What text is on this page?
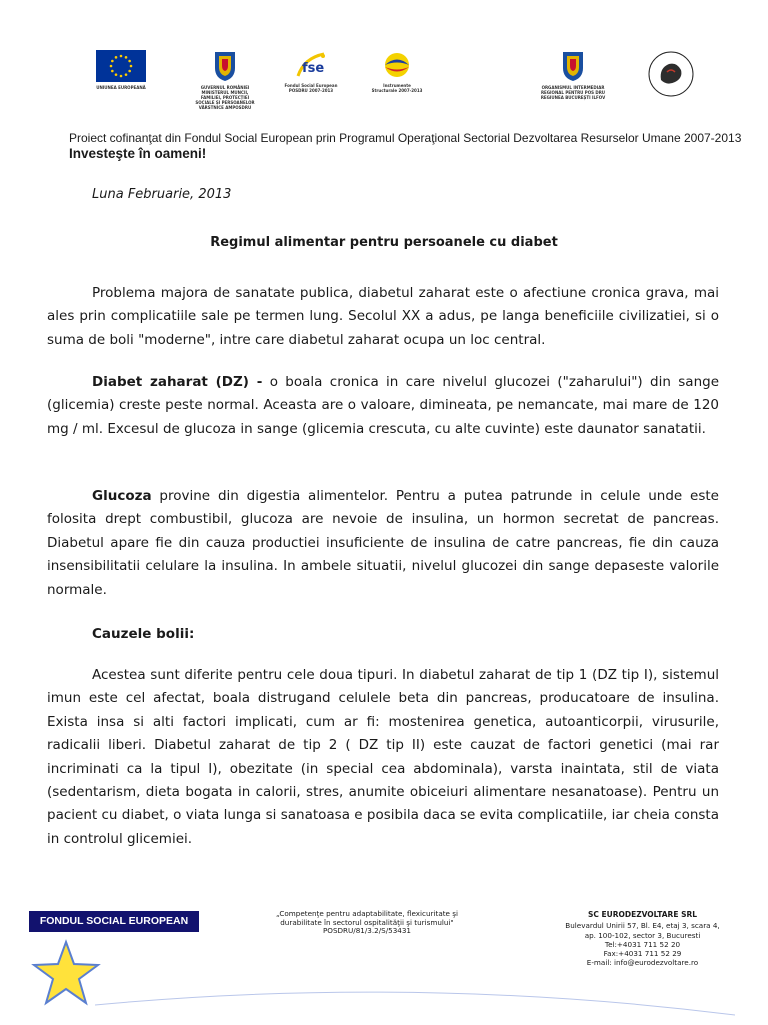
UNIUNEA EUROPEANĂ	GUVERNUL ROMÂNIEI MINISTERUL MUNCII, FAMILIEI, PROTECȚIEI SOCIALE ȘI PERSOANELOR VÂRSTNICE AMPOSDRU
fse
Fondul Social European POSDRU 2007-2013
Instrumente Structurale 2007-2013
ORGANISMUL INTERMEDIAR REGIONAL PENTRU POS DRU REGIUNEA BUCUREȘTI ILFOV
Proiect cofinanţat din Fondul Social European prin Programul Operaţional Sectorial Dezvoltarea Resurselor Umane 2007-2013
Investeşte în oameni!
Luna Februarie, 2013
Regimul alimentar pentru persoanele cu diabet

Problema majora de sanatate publica, diabetul zaharat este o afectiune cronica grava, mai ales prin complicatiile sale pe termen lung. Secolul XX a adus, pe langa beneficiile civilizatiei, si o suma de boli "moderne", intre care diabetul zaharat ocupa un loc central.

Diabet zaharat (DZ) - o boala cronica in care nivelul glucozei ("zaharului") din sange (glicemia) creste peste normal. Aceasta are o valoare, dimineata, pe nemancate, mai mare de 120 mg / ml. Excesul de glucoza in sange (glicemia crescuta, cu alte cuvinte) este daunator sanatatii.

Glucoza provine din digestia alimentelor. Pentru a putea patrunde in celule unde este folosita drept combustibil, glucoza are nevoie de insulina, un hormon secretat de pancreas. Diabetul apare fie din cauza productiei insuficiente de insulina de catre pancreas, fie din cauza insensibilitatii celulare la insulina. In ambele situatii, nivelul glucozei din sange depaseste valorile normale.

Cauzele bolii:

Acestea sunt diferite pentru cele doua tipuri. In diabetul zaharat de tip 1 (DZ tip I), sistemul imun este cel afectat, boala distrugand celulele beta din pancreas, producatoare de insulina. Exista insa si alti factori implicati, cum ar fi: mostenirea genetica, autoanticorpii, virusurile, radicalii liberi. Diabetul zaharat de tip 2 ( DZ tip II) este cauzat de factori genetici (mai rar incriminati ca la tipul I), obezitate (in special cea abdominala), varsta inaintata, stil de viata (sedentarism, dieta bogata in calorii, stres, anumite obiceiuri alimentare nesanatoase). Pentru un pacient cu diabet, o viata lunga si sanatoasa e posibila daca se evita complicatiile, iar cheia consta in controlul glicemiei.

FONDUL SOCIAL EUROPEAN
„Competenţe pentru adaptabilitate, flexicuritate şi
durabilitate în sectorul ospitalităţii şi turismului"
POSDRU/81/3.2/S/53431
SC EURODEZVOLTARE SRL
Bulevardul Unirii 57, Bl. E4, etaj 3, scara 4,
ap. 100-102, sector 3, Bucuresti
Tel:+4031 711 52 20
Fax:+4031 711 52 29
E-mail: info@eurodezvoltare.ro
